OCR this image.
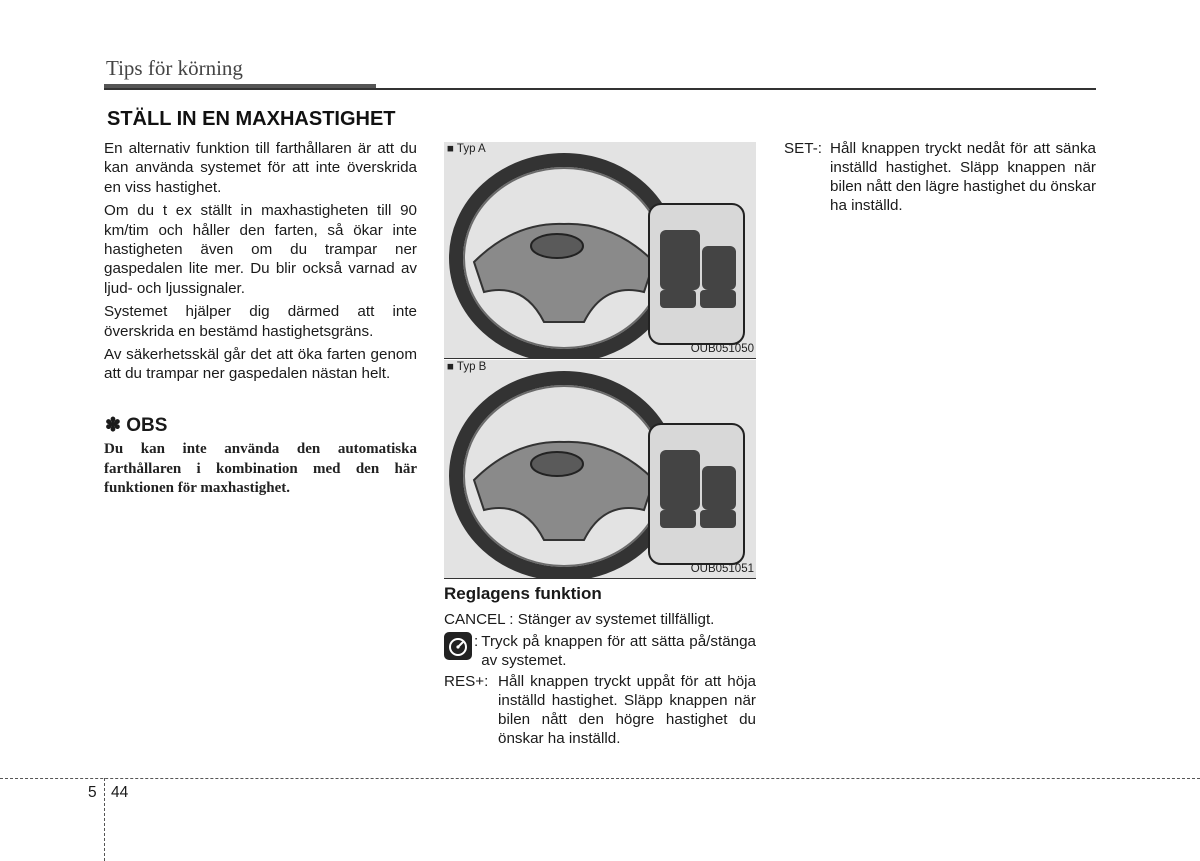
Tips för körning
STÄLL IN EN MAXHASTIGHET

En alternativ funktion till farthållaren är att du kan använda systemet för att inte överskrida en viss hastighet.

Om du t ex ställt in maxhastigheten till 90 km/tim och håller den farten, så ökar inte hastigheten även om du trampar ner gaspedalen lite mer. Du blir också varnad av ljud- och ljussignaler.

Systemet hjälper dig därmed att inte överskrida en bestämd hastighetsgräns.

Av säkerhetsskäl går det att öka farten genom att du trampar ner gaspedalen nästan helt.

✽ OBS
Du kan inte använda den automatiska farthållaren i kombination med den här funktionen för maxhastighet.
■ Typ A
OUB051050
■ Typ B
OUB051051
Reglagens funktion
CANCEL : Stänger av systemet tillfälligt.
: Tryck på knappen för att sätta på/stänga av systemet.
RES+: Håll knappen tryckt uppåt för att höja inställd hastighet. Släpp knappen när bilen nått den högre hastighet du önskar ha inställd.
SET-: Håll knappen tryckt nedåt för att sänka inställd hastighet. Släpp knappen när bilen nått den lägre hastighet du önskar ha inställd.
5 44
